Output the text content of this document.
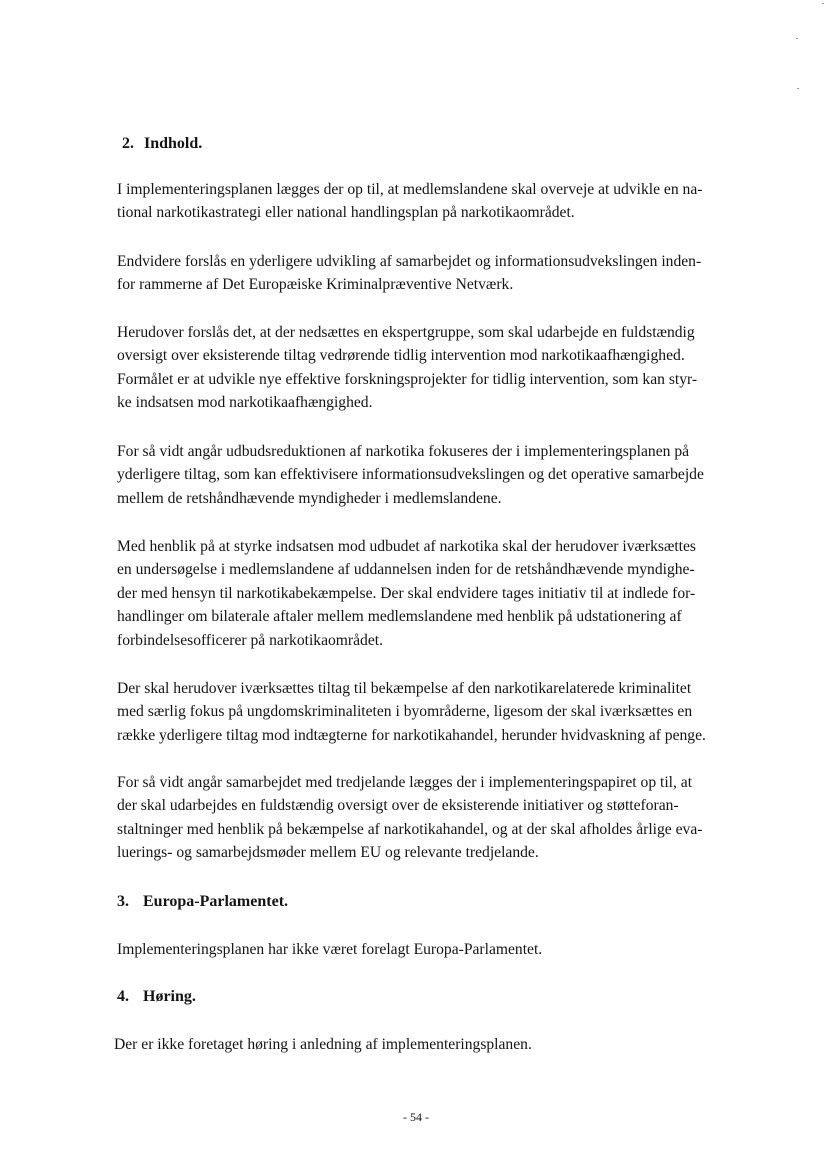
2. Indhold.
I implementeringsplanen lægges der op til, at medlemslandene skal overveje at udvikle en na-
tional narkotikastrategi eller national handlingsplan på narkotikaområdet.
Endvidere forslås en yderligere udvikling af samarbejdet og informationsudvekslingen inden-
for rammerne af Det Europæiske Kriminalpræventive Netværk.
Herudover forslås det, at der nedsættes en ekspertgruppe, som skal udarbejde en fuldstændig
oversigt over eksisterende tiltag vedrørende tidlig intervention mod narkotikaafhængighed.
Formålet er at udvikle nye effektive forskningsprojekter for tidlig intervention, som kan styr-
ke indsatsen mod narkotikaafhængighed.
For så vidt angår udbudsreduktionen af narkotika fokuseres der i implementeringsplanen på
yderligere tiltag, som kan effektivisere informationsudvekslingen og det operative samarbejde
mellem de retshåndhævende myndigheder i medlemslandene.
Med henblik på at styrke indsatsen mod udbudet af narkotika skal der herudover iværksættes
en undersøgelse i medlemslandene af uddannelsen inden for de retshåndhævende myndighe-
der med hensyn til narkotikabekæmpelse. Der skal endvidere tages initiativ til at indlede for-
handlinger om bilaterale aftaler mellem medlemslandene med henblik på udstationering af
forbindelsesofficerer på narkotikaområdet.
Der skal herudover iværksættes tiltag til bekæmpelse af den narkotikarelaterede kriminalitet
med særlig fokus på ungdomskriminaliteten i byområderne, ligesom der skal iværksættes en
række yderligere tiltag mod indtægterne for narkotikahandel, herunder hvidvaskning af penge.
For så vidt angår samarbejdet med tredjelande lægges der i implementeringspapiret op til, at
der skal udarbejdes en fuldstændig oversigt over de eksisterende initiativer og støtteforan-
staltninger med henblik på bekæmpelse af narkotikahandel, og at der skal afholdes årlige eva-
luerings- og samarbejdsmøder mellem EU og relevante tredjelande.
3. Europa-Parlamentet.
Implementeringsplanen har ikke været forelagt Europa-Parlamentet.
4. Høring.
Der er ikke foretaget høring i anledning af implementeringsplanen.
- 54 -
